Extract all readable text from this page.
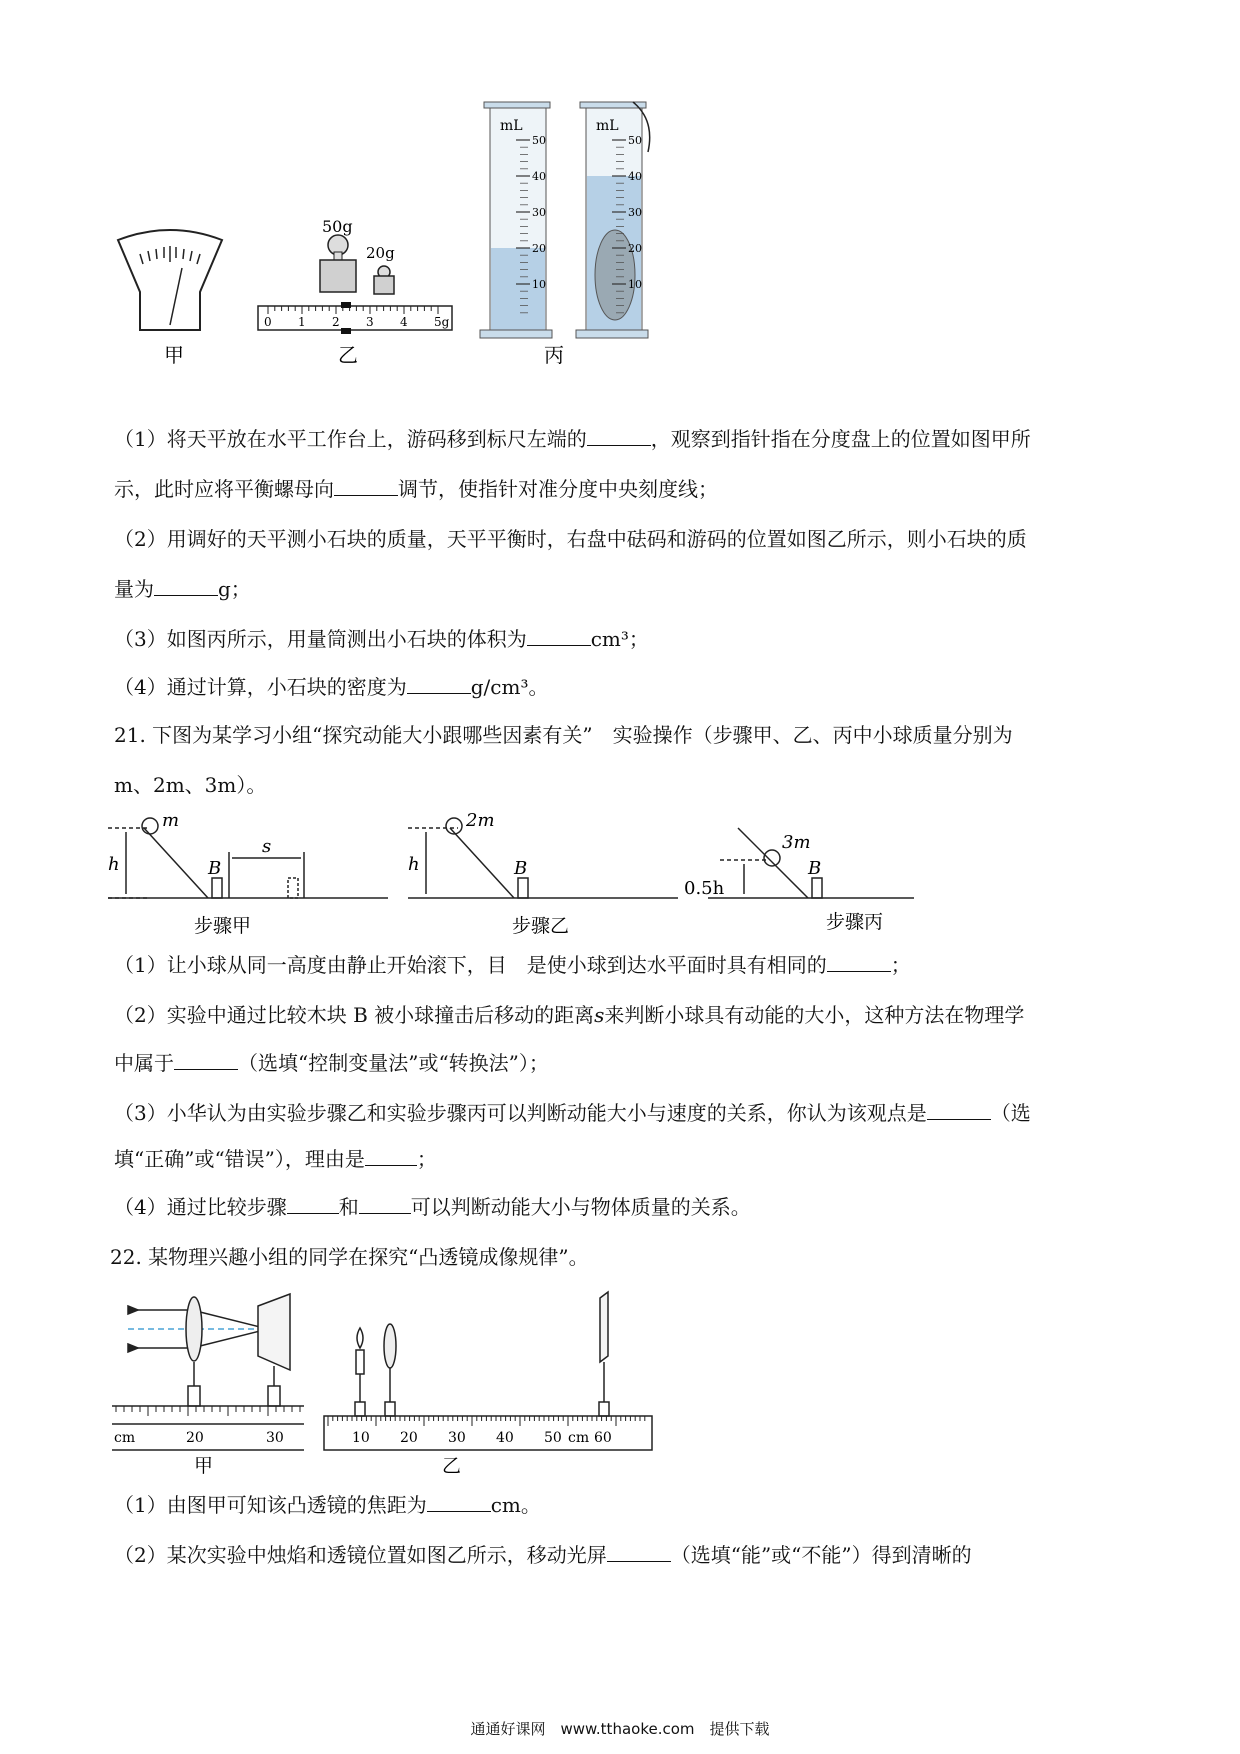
甲
50g
20g
0 1 2 3 4 5g
乙
mL
50
40
30
20
10
mL
50
40
30
20
10
丙
（1）将天平放在水平工作台上，游码移到标尺左端的	，观察到指针指在分度盘上的位置如图甲所
示，此时应将平衡螺母向	调节，使指针对准分度中央刻度线；
（2）用调好的天平测小石块的质量，天平平衡时，右盘中砝码和游码的位置如图乙所示，则小石块的质
量为	g；
（3）如图丙所示，用量筒测出小石块的体积为	cm³；
（4）通过计算，小石块的密度为	g/cm³。
21. 下图为某学习小组“探究动能大小跟哪些因素有关”　实验操作（步骤甲、乙、丙中小球质量分别为
m、2m、3m）。
m
h	B
s
2m
h	B
3m
0.5h
B
步骤甲	步骤乙	步骤丙
（1）让小球从同一高度由静止开始滚下，目　是使小球到达水平面时具有相同的	；
（2）实验中通过比较木块 B 被小球撞击后移动的距离s来判断小球具有动能的大小，这种方法在物理学
中属于	（选填“控制变量法”或“转换法”）；
（3）小华认为由实验步骤乙和实验步骤丙可以判断动能大小与速度的关系，你认为该观点是	（选
填“正确”或“错误”），理由是	；
（4）通过比较步骤	和	可以判断动能大小与物体质量的关系。
22. 某物理兴趣小组的同学在探究“凸透镜成像规律”。
cm	20	30
甲
10 20 30 40 50 cm 60
乙
（1）由图甲可知该凸透镜的焦距为	cm。
（2）某次实验中烛焰和透镜位置如图乙所示，移动光屏	（选填“能”或“不能”）得到清晰的
通通好课网　www.tthaoke.com　提供下载
